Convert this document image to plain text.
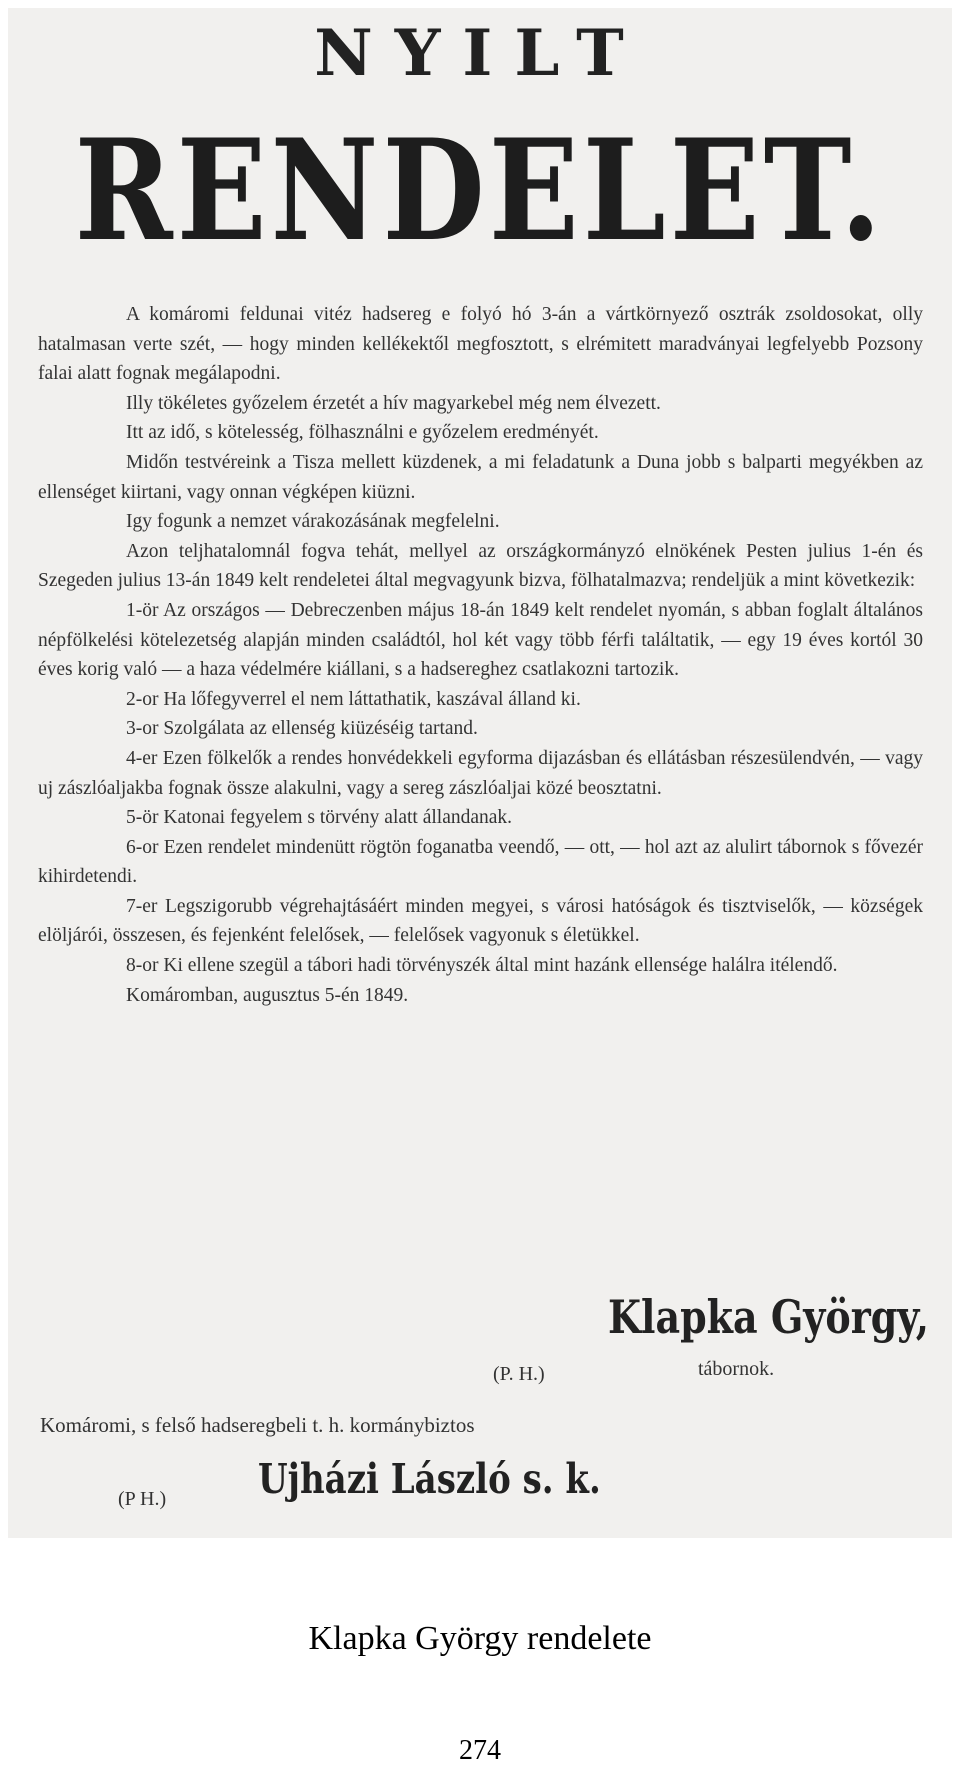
NYILT
RENDELET.

A komáromi feldunai vitéz hadsereg e folyó hó 3-án a vártkörnyező osztrák zsoldosokat, olly hatalmasan verte szét, — hogy minden kellékektől megfosztott, s elrémitett maradványai legfelyebb Pozsony falai alatt fognak megálapodni.

Illy tökéletes győzelem érzetét a hív magyarkebel még nem élvezett.

Itt az idő, s kötelesség, fölhasználni e győzelem eredményét.

Midőn testvéreink a Tisza mellett küzdenek, a mi feladatunk a Duna jobb s balparti megyékben az ellenséget kiirtani, vagy onnan végképen kiüzni.

Igy fogunk a nemzet várakozásának megfelelni.

Azon teljhatalomnál fogva tehát, mellyel az országkormányzó elnökének Pesten julius 1-én és Szegeden julius 13-án 1849 kelt rendeletei által megvagyunk bizva, fölhatalmazva; rendeljük a mint következik:

1-ör Az országos — Debreczenben május 18-án 1849 kelt rendelet nyomán, s abban foglalt általános népfölkelési kötelezetség alapján minden családtól, hol két vagy több férfi találtatik, — egy 19 éves kortól 30 éves korig való — a haza védelmére kiállani, s a hadsereghez csatlakozni tartozik.

2-or Ha lőfegyverrel el nem láttathatik, kaszával álland ki.

3-or Szolgálata az ellenség kiüzéséig tartand.

4-er Ezen fölkelők a rendes honvédekkeli egyforma dijazásban és ellátásban részesülendvén, — vagy uj zászlóaljakba fognak össze alakulni, vagy a sereg zászlóaljai közé beosztatni.

5-ör Katonai fegyelem s törvény alatt állandanak.

6-or Ezen rendelet mindenütt rögtön foganatba veendő, — ott, — hol azt az alulirt tábornok s fővezér kihirdetendi.

7-er Legszigorubb végrehajtásáért minden megyei, s városi hatóságok és tisztviselők, — községek elöljárói, összesen, és fejenként felelősek, — felelősek vagyonuk s életükkel.

8-or Ki ellene szegül a tábori hadi törvényszék által mint hazánk ellensége halálra itélendő.

Komáromban, augusztus 5-én 1849.

Klapka György,
(P. H.)	tábornok.
Komáromi, s felső hadseregbeli t. h. kormánybiztos
(P H.)	Ujházi László s. k.
Klapka György rendelete
274
